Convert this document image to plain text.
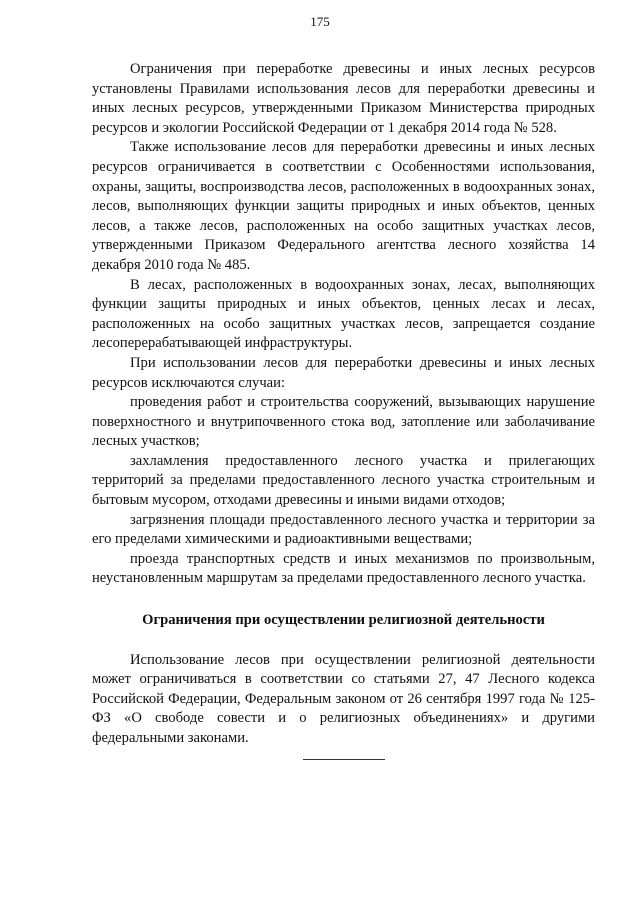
175

Ограничения при переработке древесины и иных лесных ресурсов установлены Правилами использования лесов для переработки древесины и иных лесных ресурсов, утвержденными Приказом Министерства природных ресурсов и экологии Российской Федерации от 1 декабря 2014 года № 528.

Также использование лесов для переработки древесины и иных лесных ресурсов ограничивается в соответствии с Особенностями использования, охраны, защиты, воспроизводства лесов, расположенных в водоохранных зонах, лесов, выполняющих функции защиты природных и иных объектов, ценных лесов, а также лесов, расположенных на особо защитных участках лесов, утвержденными Приказом Федерального агентства лесного хозяйства 14 декабря 2010 года № 485.

В лесах, расположенных в водоохранных зонах, лесах, выполняющих функции защиты природных и иных объектов, ценных лесах и лесах, расположенных на особо защитных участках лесов, запрещается создание лесоперерабатывающей инфраструктуры.

При использовании лесов для переработки древесины и иных лесных ресурсов исключаются случаи:

проведения работ и строительства сооружений, вызывающих нарушение поверхностного и внутрипочвенного стока вод, затопление или заболачивание лесных участков;

захламления предоставленного лесного участка и прилегающих территорий за пределами предоставленного лесного участка строительным и бытовым мусором, отходами древесины и иными видами отходов;

загрязнения площади предоставленного лесного участка и территории за его пределами химическими и радиоактивными веществами;

проезда транспортных средств и иных механизмов по произвольным, неустановленным маршрутам за пределами предоставленного лесного участка.

Ограничения при осуществлении религиозной деятельности

Использование лесов при осуществлении религиозной деятельности может ограничиваться в соответствии со статьями 27, 47 Лесного кодекса Российской Федерации, Федеральным законом от 26 сентября 1997 года № 125-ФЗ «О свободе совести и о религиозных объединениях» и другими федеральными законами.
